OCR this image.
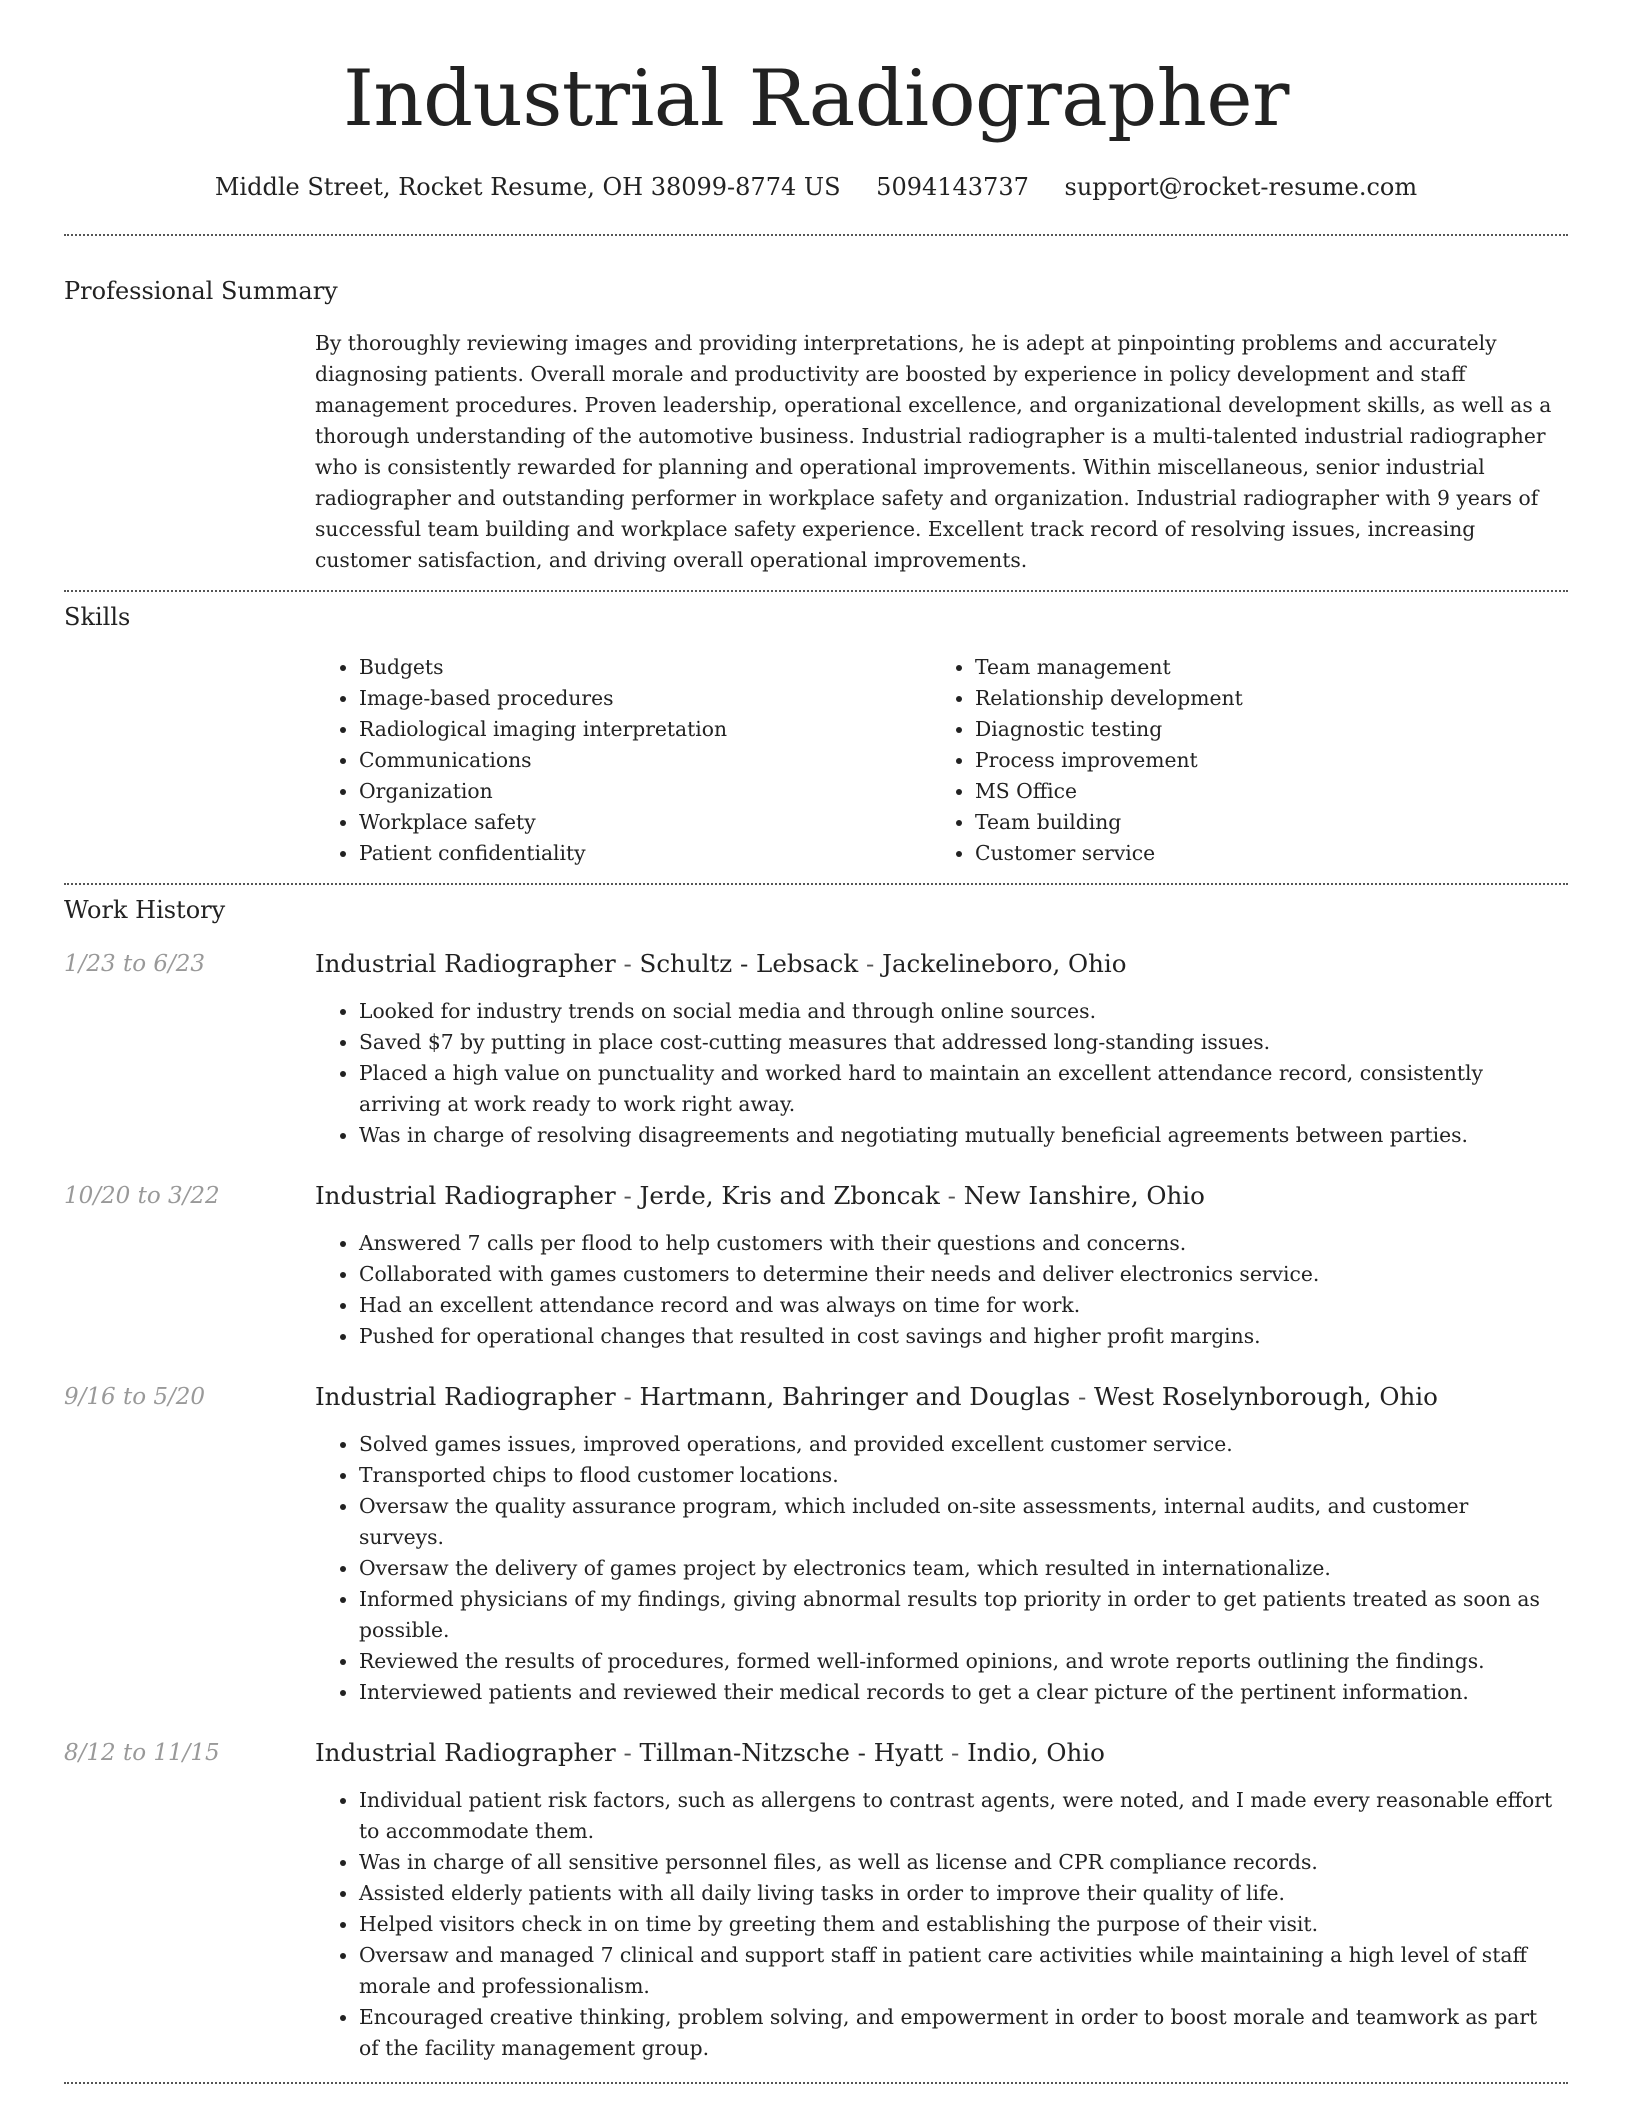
Industrial Radiographer
Middle Street, Rocket Resume, OH 38099-8774 US 5094143737 support@rocket-resume.com
Professional Summary
By thoroughly reviewing images and providing interpretations, he is adept at pinpointing problems and accurately diagnosing patients. Overall morale and productivity are boosted by experience in policy development and staff management procedures. Proven leadership, operational excellence, and organizational development skills, as well as a thorough understanding of the automotive business. Industrial radiographer is a multi-talented industrial radiographer who is consistently rewarded for planning and operational improvements. Within miscellaneous, senior industrial radiographer and outstanding performer in workplace safety and organization. Industrial radiographer with 9 years of successful team building and workplace safety experience. Excellent track record of resolving issues, increasing customer satisfaction, and driving overall operational improvements.
Skills
• Budgets
• Image-based procedures
• Radiological imaging interpretation
• Communications
• Organization
• Workplace safety
• Patient confidentiality
• Team management
• Relationship development
• Diagnostic testing
• Process improvement
• MS Office
• Team building
• Customer service
Work History
1/23 to 6/23	Industrial Radiographer - Schultz - Lebsack - Jackelineboro, Ohio
• Looked for industry trends on social media and through online sources.
• Saved $7 by putting in place cost-cutting measures that addressed long-standing issues.
• Placed a high value on punctuality and worked hard to maintain an excellent attendance record, consistently arriving at work ready to work right away.
• Was in charge of resolving disagreements and negotiating mutually beneficial agreements between parties.
10/20 to 3/22	Industrial Radiographer - Jerde, Kris and Zboncak - New Ianshire, Ohio
• Answered 7 calls per flood to help customers with their questions and concerns.
• Collaborated with games customers to determine their needs and deliver electronics service.
• Had an excellent attendance record and was always on time for work.
• Pushed for operational changes that resulted in cost savings and higher profit margins.
9/16 to 5/20	Industrial Radiographer - Hartmann, Bahringer and Douglas - West Roselynborough, Ohio
• Solved games issues, improved operations, and provided excellent customer service.
• Transported chips to flood customer locations.
• Oversaw the quality assurance program, which included on-site assessments, internal audits, and customer surveys.
• Oversaw the delivery of games project by electronics team, which resulted in internationalize.
• Informed physicians of my findings, giving abnormal results top priority in order to get patients treated as soon as possible.
• Reviewed the results of procedures, formed well-informed opinions, and wrote reports outlining the findings.
• Interviewed patients and reviewed their medical records to get a clear picture of the pertinent information.
8/12 to 11/15	Industrial Radiographer - Tillman-Nitzsche - Hyatt - Indio, Ohio
• Individual patient risk factors, such as allergens to contrast agents, were noted, and I made every reasonable effort to accommodate them.
• Was in charge of all sensitive personnel files, as well as license and CPR compliance records.
• Assisted elderly patients with all daily living tasks in order to improve their quality of life.
• Helped visitors check in on time by greeting them and establishing the purpose of their visit.
• Oversaw and managed 7 clinical and support staff in patient care activities while maintaining a high level of staff morale and professionalism.
• Encouraged creative thinking, problem solving, and empowerment in order to boost morale and teamwork as part of the facility management group.
